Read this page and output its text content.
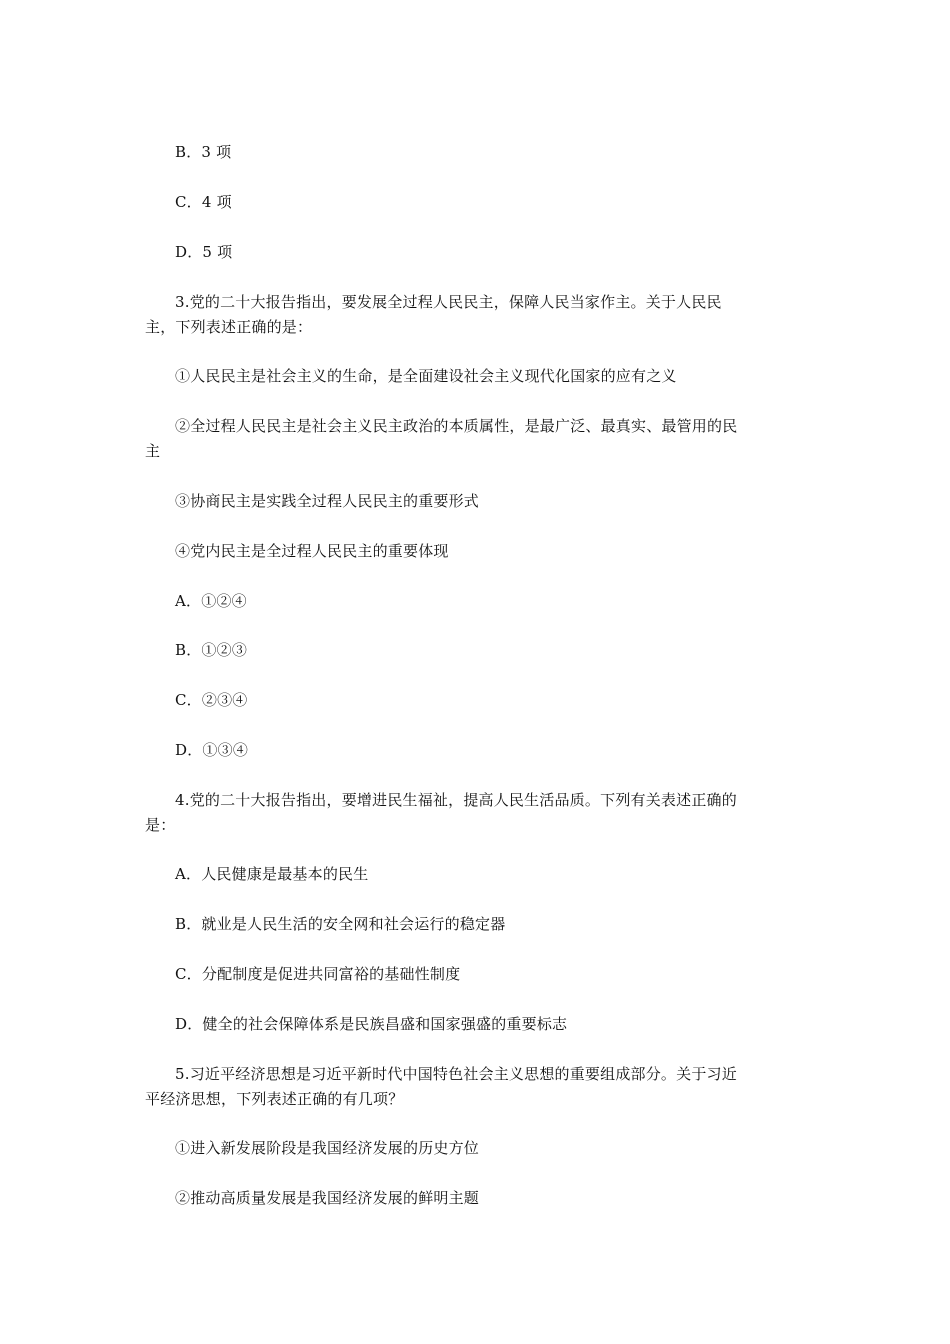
B．3 项
C．4 项
D．5 项
3.党的二十大报告指出，要发展全过程人民民主，保障人民当家作主。关于人民民
主，下列表述正确的是：
①人民民主是社会主义的生命，是全面建设社会主义现代化国家的应有之义
②全过程人民民主是社会主义民主政治的本质属性，是最广泛、最真实、最管用的民
主
③协商民主是实践全过程人民民主的重要形式
④党内民主是全过程人民民主的重要体现
A．①②④
B．①②③
C．②③④
D．①③④
4.党的二十大报告指出，要增进民生福祉，提高人民生活品质。下列有关表述正确的
是：
A．人民健康是最基本的民生
B．就业是人民生活的安全网和社会运行的稳定器
C．分配制度是促进共同富裕的基础性制度
D．健全的社会保障体系是民族昌盛和国家强盛的重要标志
5.习近平经济思想是习近平新时代中国特色社会主义思想的重要组成部分。关于习近
平经济思想，下列表述正确的有几项？
①进入新发展阶段是我国经济发展的历史方位
②推动高质量发展是我国经济发展的鲜明主题
